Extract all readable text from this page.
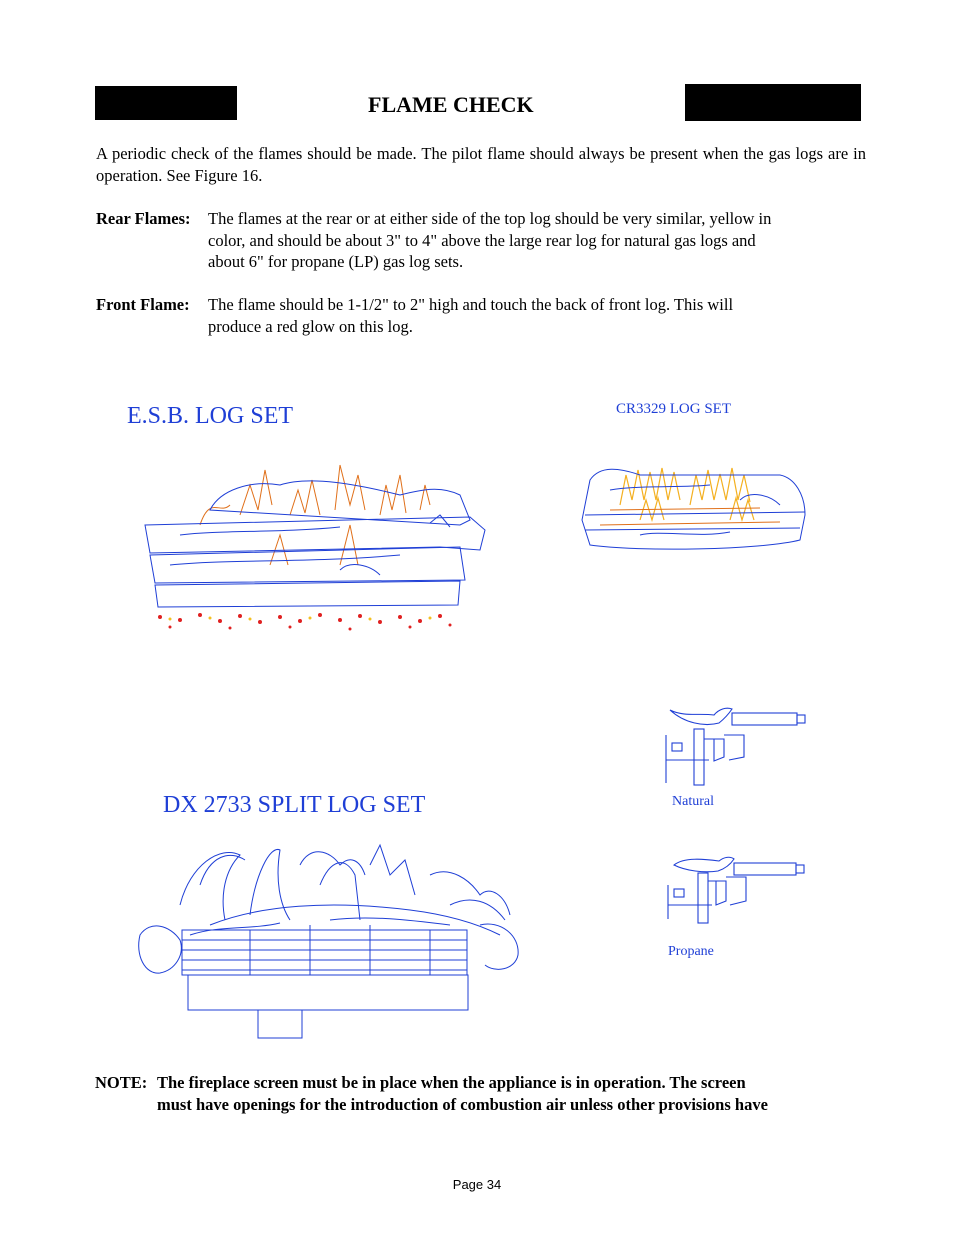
FLAME CHECK
A periodic check of the flames should be made. The pilot flame should always be present when the gas logs are in operation. See Figure 16.
Rear Flames: The flames at the rear or at either side of the top log should be very similar, yellow in
color, and should be about 3" to 4" above the large rear log for natural gas logs and
about 6" for propane (LP) gas log sets.
Front Flame: The flame should be 1-1/2" to 2" high and touch the back of front log. This will
produce a red glow on this log.
E.S.B. LOG SET	CR3329 LOG SET
DX 2733 SPLIT LOG SET	Natural
Propane
NOTE: The fireplace screen must be in place when the appliance is in operation. The screen
must have openings for the introduction of combustion air unless other provisions have
Page 34
